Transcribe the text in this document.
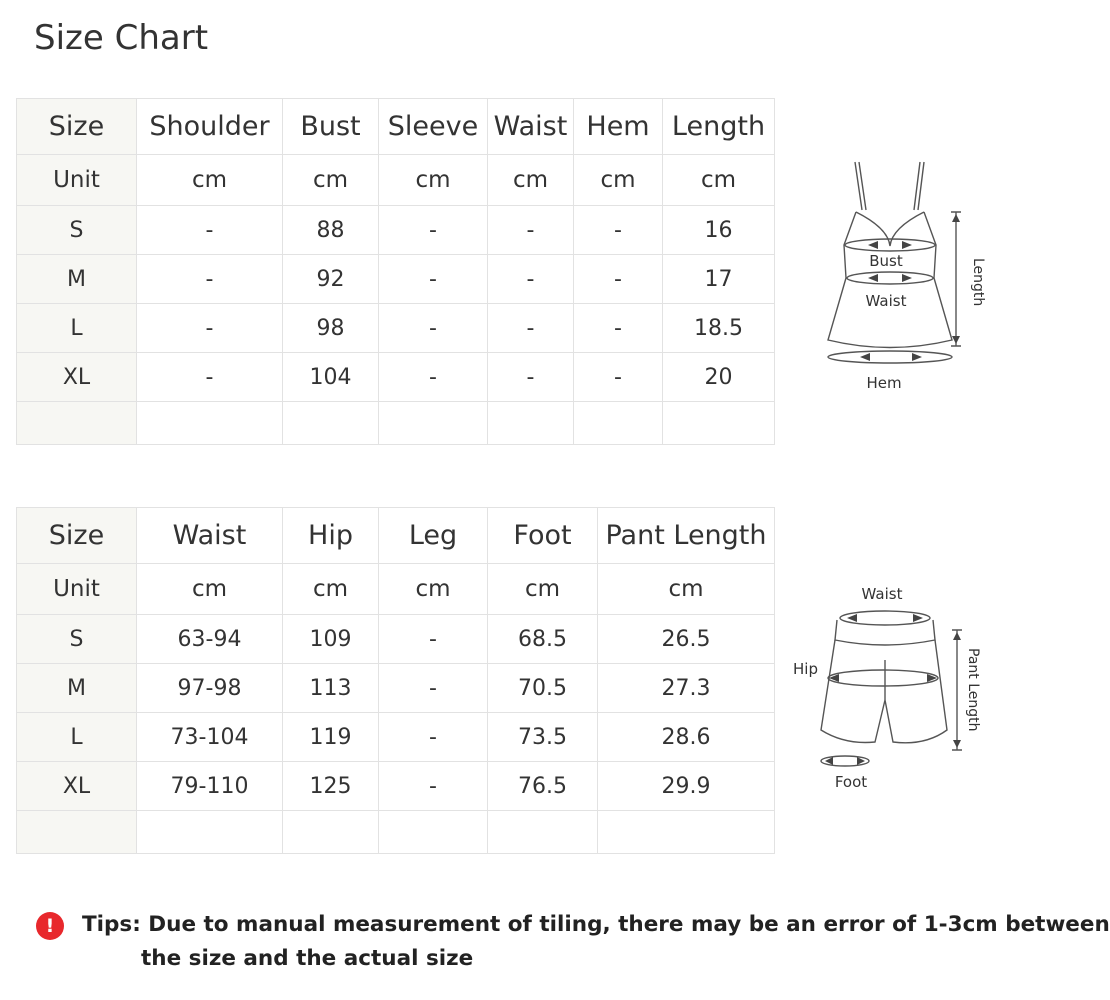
Size Chart
Size	Shoulder	Bust	Sleeve	Waist	Hem	Length
Unit	cm	cm	cm	cm	cm	cm
S	-	88	-	-	-	16
M	-	92	-	-	-	17
L	-	98	-	-	-	18.5
XL	-	104	-	-	-	20

Bust
Waist
Hem
Length
Size	Waist	Hip	Leg	Foot	Pant Length
Unit	cm	cm	cm	cm	cm
S	63-94	109	-	68.5	26.5
M	97-98	113	-	70.5	27.3
L	73-104	119	-	73.5	28.6
XL	79-110	125	-	76.5	29.9

Waist
Hip
Foot
Pant Length
!	Tips: Due to manual measurement of tiling, there may be an error of 1-3cm between
the size and the actual size
